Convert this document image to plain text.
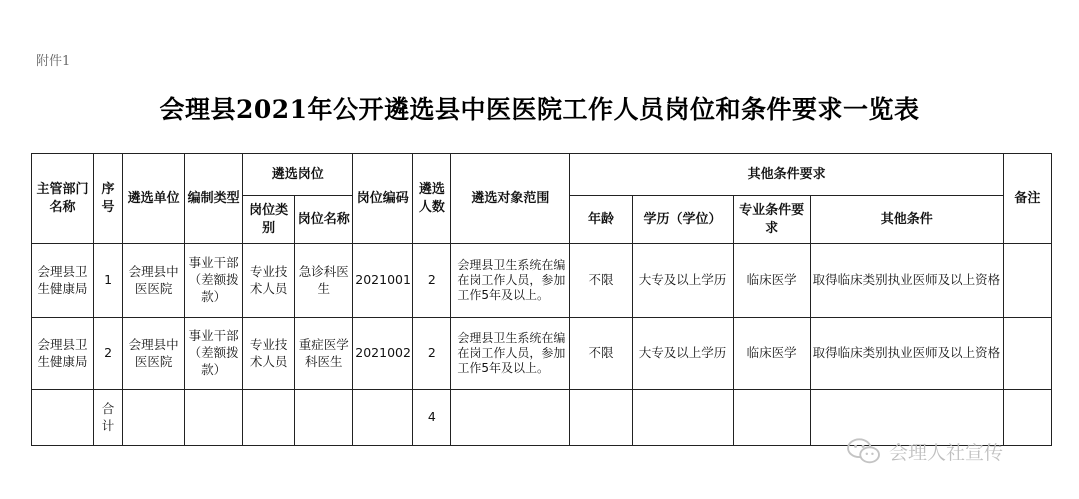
附件1
会理县2021年公开遴选县中医医院工作人员岗位和条件要求一览表
主管部门名称	序号	遴选单位	编制类型	遴选岗位		岗位编码	遴选人数	遴选对象范围	其他条件要求				备注
				岗位类别	岗位名称				年龄	学历（学位）	专业条件要求	其他条件	
会理县卫生健康局	1	会理县中医医院	事业干部（差额拨款）	专业技术人员	急诊科医生	2021001	2	会理县卫生系统在编在岗工作人员，参加工作5年及以上。	不限	大专及以上学历	临床医学	取得临床类别执业医师及以上资格	
会理县卫生健康局	2	会理县中医医院	事业干部（差额拨款）	专业技术人员	重症医学科医生	2021002	2	会理县卫生系统在编在岗工作人员，参加工作5年及以上。	不限	大专及以上学历	临床医学	取得临床类别执业医师及以上资格	
	合计						4						
会理人社宣传
